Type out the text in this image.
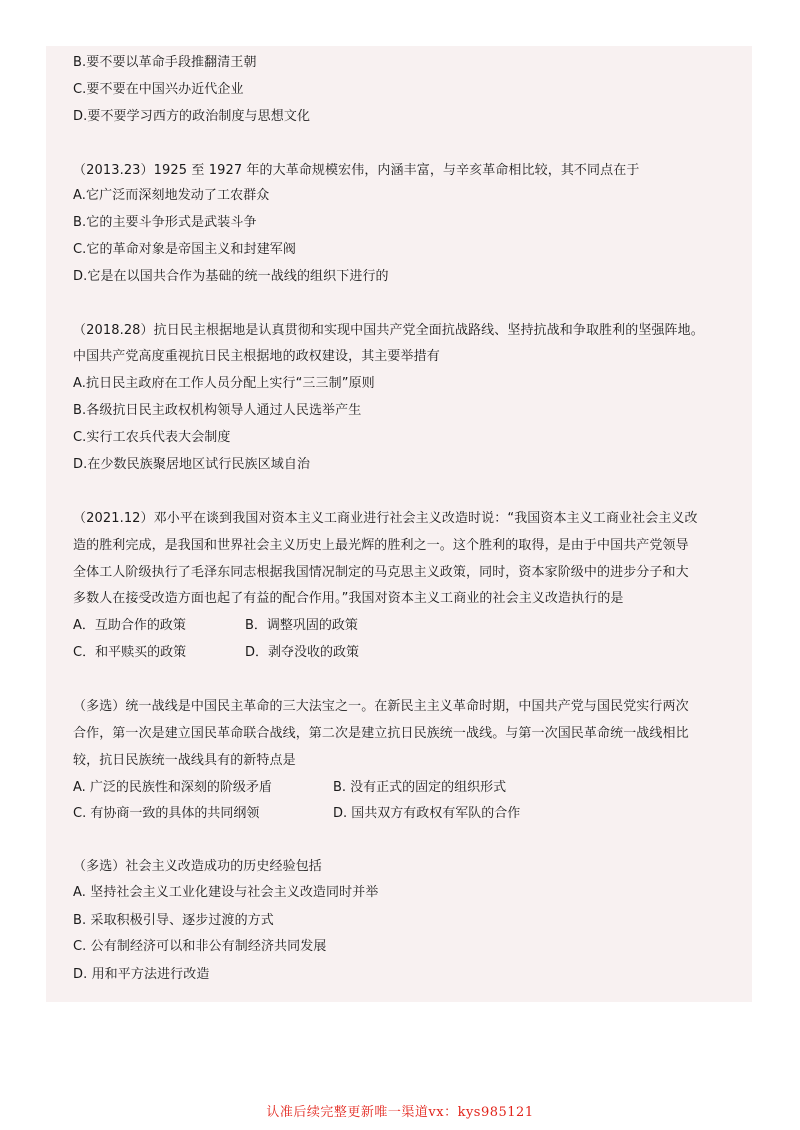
B.要不要以革命手段推翻清王朝
C.要不要在中国兴办近代企业
D.要不要学习西方的政治制度与思想文化
（2013.23）1925 至 1927 年的大革命规模宏伟，内涵丰富，与辛亥革命相比较，其不同点在于
A.它广泛而深刻地发动了工农群众
B.它的主要斗争形式是武装斗争
C.它的革命对象是帝国主义和封建军阀
D.它是在以国共合作为基础的统一战线的组织下进行的
（2018.28）抗日民主根据地是认真贯彻和实现中国共产党全面抗战路线、坚持抗战和争取胜利的坚强阵地。
中国共产党高度重视抗日民主根据地的政权建设，其主要举措有
A.抗日民主政府在工作人员分配上实行“三三制”原则
B.各级抗日民主政权机构领导人通过人民选举产生
C.实行工农兵代表大会制度
D.在少数民族聚居地区试行民族区域自治
（2021.12）邓小平在谈到我国对资本主义工商业进行社会主义改造时说：“我国资本主义工商业社会主义改
造的胜利完成，是我国和世界社会主义历史上最光辉的胜利之一。这个胜利的取得，是由于中国共产党领导
全体工人阶级执行了毛泽东同志根据我国情况制定的马克思主义政策，同时，资本家阶级中的进步分子和大
多数人在接受改造方面也起了有益的配合作用。”我国对资本主义工商业的社会主义改造执行的是
A．互助合作的政策	B．调整巩固的政策
C．和平赎买的政策	D．剥夺没收的政策
（多选）统一战线是中国民主革命的三大法宝之一。在新民主主义革命时期，中国共产党与国民党实行两次
合作，第一次是建立国民革命联合战线，第二次是建立抗日民族统一战线。与第一次国民革命统一战线相比
较，抗日民族统一战线具有的新特点是
A. 广泛的民族性和深刻的阶级矛盾	B. 没有正式的固定的组织形式
C. 有协商一致的具体的共同纲领	D. 国共双方有政权有军队的合作
（多选）社会主义改造成功的历史经验包括
A. 坚持社会主义工业化建设与社会主义改造同时并举
B. 采取积极引导、逐步过渡的方式
C. 公有制经济可以和非公有制经济共同发展
D. 用和平方法进行改造
认准后续完整更新唯一渠道vx：kys985121
